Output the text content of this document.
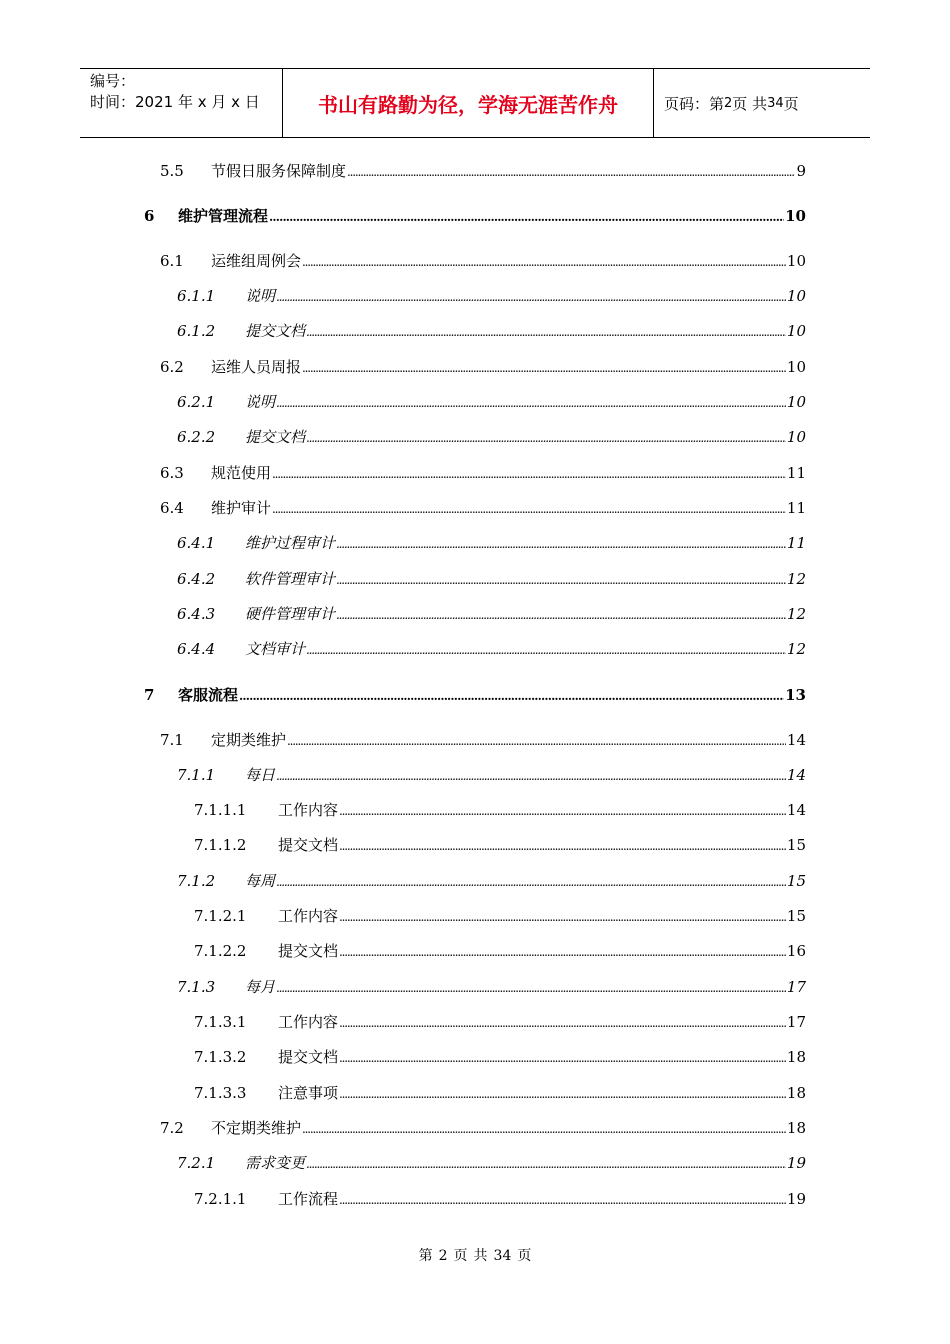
编号：
时间：2021 年 x 月 x 日	书山有路勤为径，学海无涯苦作舟	页码：第 2 页 共 34 页
5.5	节假日服务保障制度 . . .	9
6	维护管理流程 . . .	10
6.1	运维组周例会 . . .	10
6.1.1	说明 . . .	10
6.1.2	提交文档 . . .	10
6.2	运维人员周报 . . .	10
6.2.1	说明 . . .	10
6.2.2	提交文档 . . .	10
6.3	规范使用 . . .	11
6.4	维护审计 . . .	11
6.4.1	维护过程审计 . . .	11
6.4.2	软件管理审计 . . .	12
6.4.3	硬件管理审计 . . .	12
6.4.4	文档审计 . . .	12
7	客服流程 . . .	13
7.1	定期类维护 . . .	14
7.1.1	每日 . . .	14
7.1.1.1	工作内容 . . .	14
7.1.1.2	提交文档 . . .	15
7.1.2	每周 . . .	15
7.1.2.1	工作内容 . . .	15
7.1.2.2	提交文档 . . .	16
7.1.3	每月 . . .	17
7.1.3.1	工作内容 . . .	17
7.1.3.2	提交文档 . . .	18
7.1.3.3	注意事项 . . .	18
7.2	不定期类维护 . . .	18
7.2.1	需求变更 . . .	19
7.2.1.1	工作流程 . . .	19
第 2 页 共 34 页
